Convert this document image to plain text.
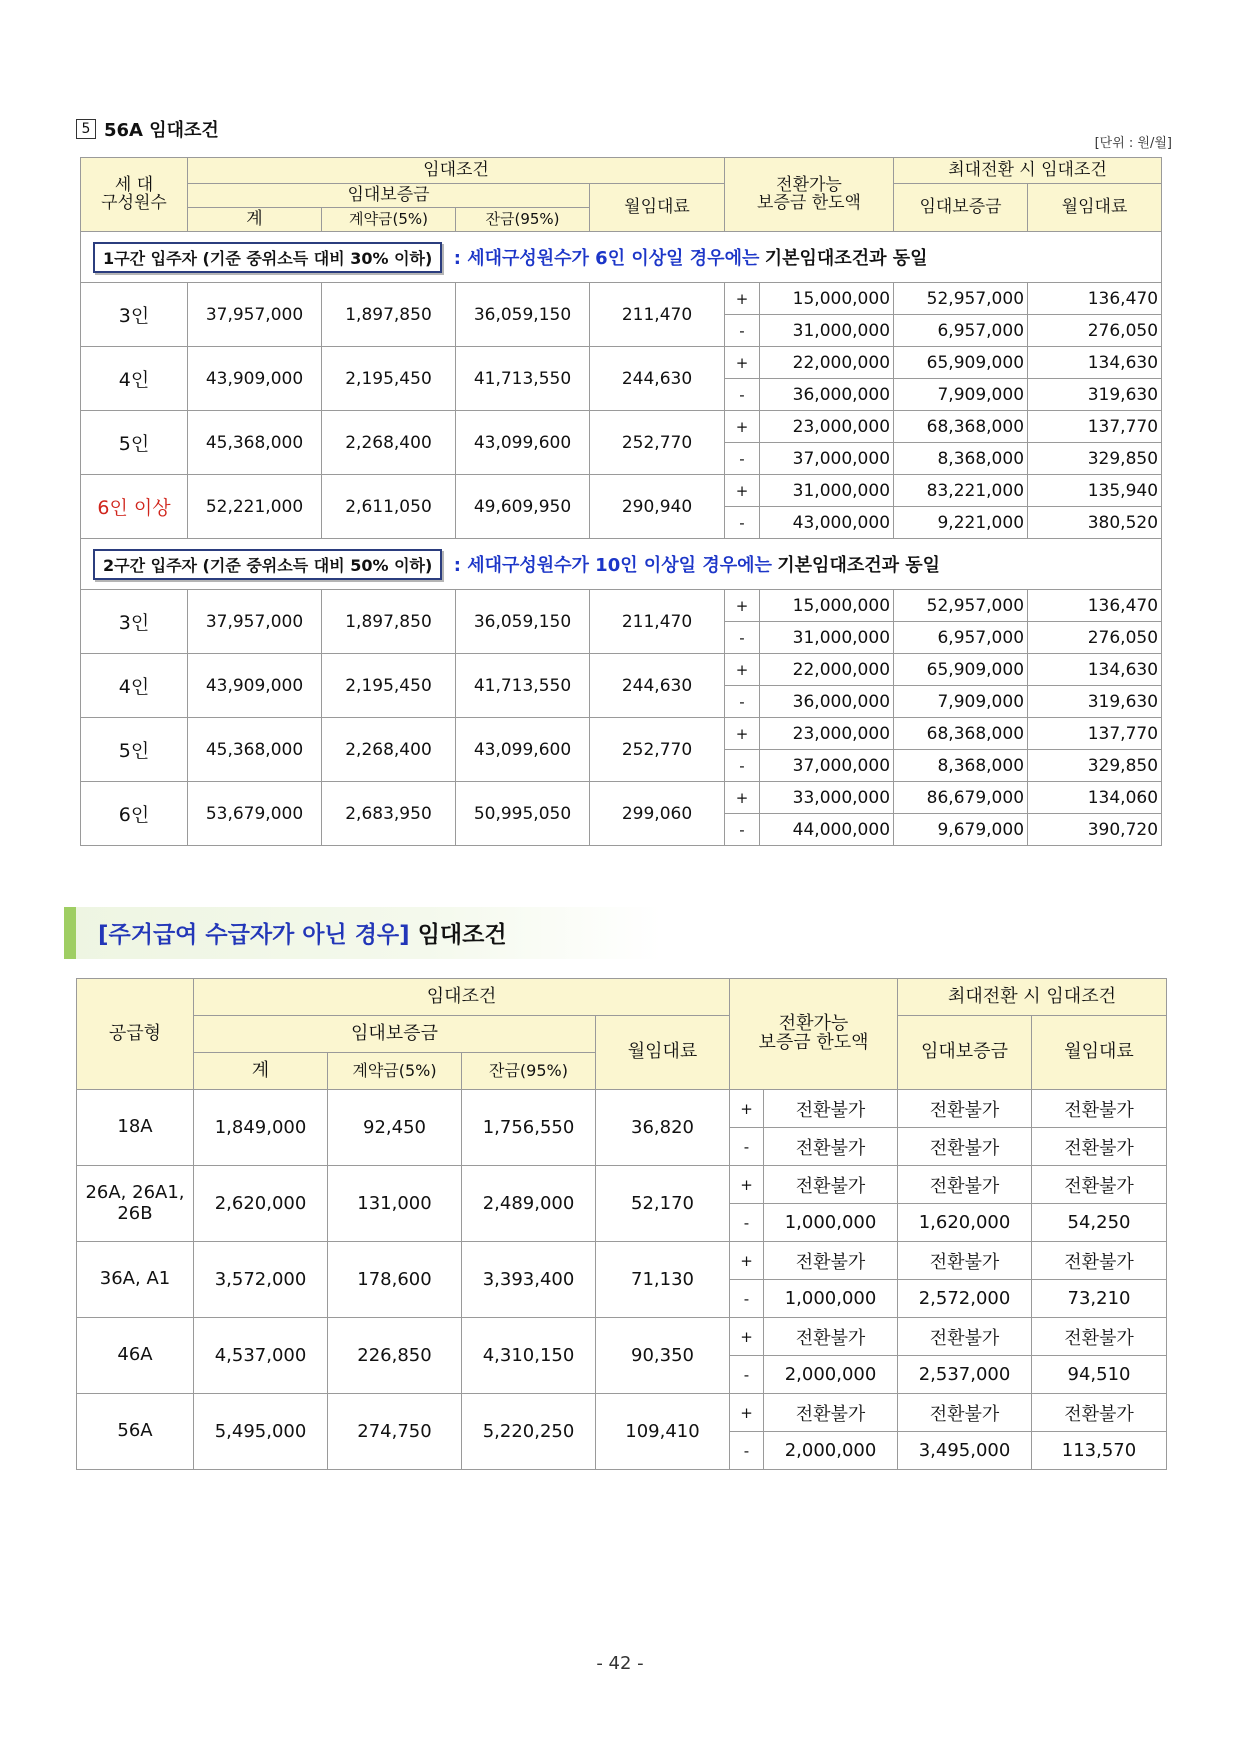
5 56A 임대조건
[단위 : 원/월]
세 대
구성원수	임대조건				전환가능
보증금 한도액		최대전환 시 임대조건	
	임대보증금			월임대료			임대보증금	월임대료
	계	계약금(5%)	잔금(95%)					
1구간 입주자 (기준 중위소득 대비 30% 이하) : 세대구성원수가 6인 이상일 경우에는 기본임대조건과 동일								
3인	37,957,000	1,897,850	36,059,150	211,470	+	15,000,000	52,957,000	136,470
					-	31,000,000	6,957,000	276,050
4인	43,909,000	2,195,450	41,713,550	244,630	+	22,000,000	65,909,000	134,630
					-	36,000,000	7,909,000	319,630
5인	45,368,000	2,268,400	43,099,600	252,770	+	23,000,000	68,368,000	137,770
					-	37,000,000	8,368,000	329,850
6인 이상	52,221,000	2,611,050	49,609,950	290,940	+	31,000,000	83,221,000	135,940
					-	43,000,000	9,221,000	380,520
2구간 입주자 (기준 중위소득 대비 50% 이하) : 세대구성원수가 10인 이상일 경우에는 기본임대조건과 동일								
3인	37,957,000	1,897,850	36,059,150	211,470	+	15,000,000	52,957,000	136,470
					-	31,000,000	6,957,000	276,050
4인	43,909,000	2,195,450	41,713,550	244,630	+	22,000,000	65,909,000	134,630
					-	36,000,000	7,909,000	319,630
5인	45,368,000	2,268,400	43,099,600	252,770	+	23,000,000	68,368,000	137,770
					-	37,000,000	8,368,000	329,850
6인	53,679,000	2,683,950	50,995,050	299,060	+	33,000,000	86,679,000	134,060
					-	44,000,000	9,679,000	390,720
[주거급여 수급자가 아닌 경우] 임대조건
공급형	임대조건				전환가능
보증금 한도액		최대전환 시 임대조건	
	임대보증금			월임대료			임대보증금	월임대료
	계	계약금(5%)	잔금(95%)					
18A	1,849,000	92,450	1,756,550	36,820	+	전환불가	전환불가	전환불가
					-	전환불가	전환불가	전환불가
26A, 26A1,
26B	2,620,000	131,000	2,489,000	52,170	+	전환불가	전환불가	전환불가
					-	1,000,000	1,620,000	54,250
36A, A1	3,572,000	178,600	3,393,400	71,130	+	전환불가	전환불가	전환불가
					-	1,000,000	2,572,000	73,210
46A	4,537,000	226,850	4,310,150	90,350	+	전환불가	전환불가	전환불가
					-	2,000,000	2,537,000	94,510
56A	5,495,000	274,750	5,220,250	109,410	+	전환불가	전환불가	전환불가
					-	2,000,000	3,495,000	113,570
- 42 -
